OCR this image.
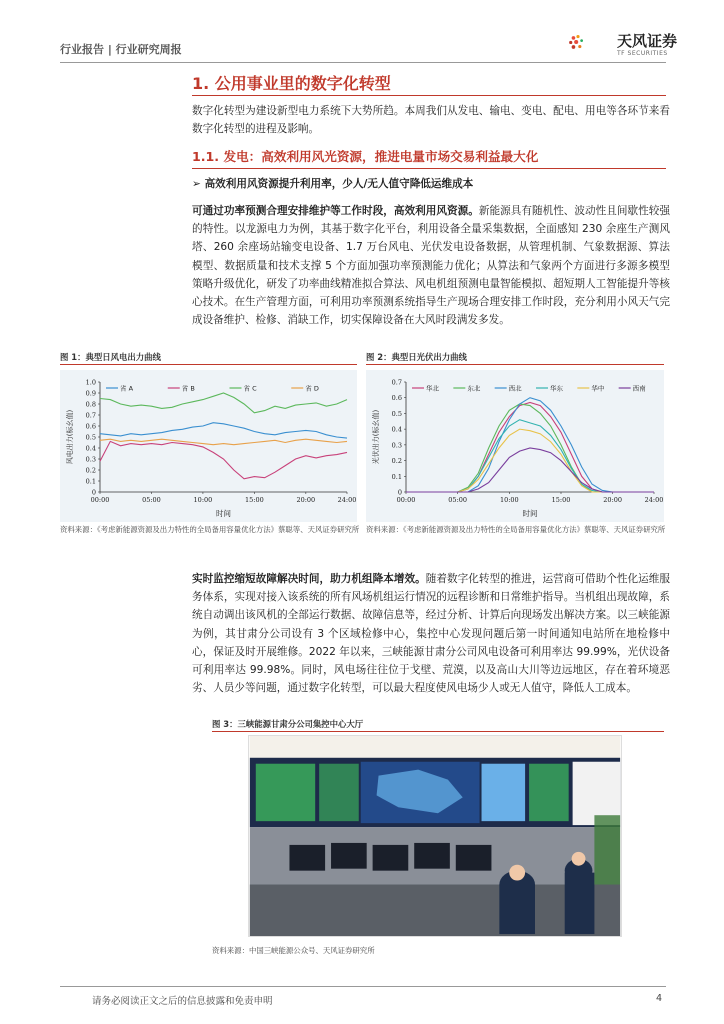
行业报告 | 行业研究周报	天风证券
TF SECURITIES
1. 公用事业里的数字化转型
数字化转型为建设新型电力系统下大势所趋。本周我们从发电、输电、变电、配电、用电等各环节来看数字化转型的进程及影响。
1.1. 发电：高效利用风光资源，推进电量市场交易利益最大化
➢ 高效利用风资源提升利用率，少人/无人值守降低运维成本
可通过功率预测合理安排维护等工作时段，高效利用风资源。新能源具有随机性、波动性且间歇性较强的特性。以龙源电力为例，其基于数字化平台，利用设备全量采集数据，全面感知 230 余座生产测风塔、260 余座场站输变电设备、1.7 万台风电、光伏发电设备数据，从管理机制、气象数据源、算法模型、数据质量和技术支撑 5 个方面加强功率预测能力优化；从算法和气象两个方面进行多源多模型策略升级优化，研发了功率曲线精准拟合算法、风电机组预测电量智能模拟、超短期人工智能提升等核心技术。在生产管理方面，可利用功率预测系统指导生产现场合理安排工作时段，充分利用小风天气完成设备维护、检修、消缺工作，切实保障设备在大风时段满发多发。
图 1：典型日风电出力曲线
0
0.1
0.2
0.3
0.4
0.5
0.6
0.7
0.8
0.9
1.0
00:00	05:00	10:00	15:00	20:00	24:00
时间
风电出力(标幺值)
省 A	省 B	省 C	省 D
资料来源：《考虑新能源资源及出力特性的全局备用容量优化方法》蔡聪等、天风证券研究所
图 2：典型日光伏出力曲线
0
0.1
0.2
0.3
0.4
0.5
0.6
0.7
00:00	05:00	10:00	15:00	20:00	24:00
时间
光伏出力(标幺值)
华北	东北	西北	华东	华中	西南
资料来源：《考虑新能源资源及出力特性的全局备用容量优化方法》蔡聪等、天风证券研究所
实时监控缩短故障解决时间，助力机组降本增效。随着数字化转型的推进，运营商可借助个性化运维服务体系，实现对接入该系统的所有风场机组运行情况的远程诊断和日常维护指导。当机组出现故障，系统自动调出该风机的全部运行数据、故障信息等，经过分析、计算后向现场发出解决方案。以三峡能源为例，其甘肃分公司设有 3 个区域检修中心，集控中心发现问题后第一时间通知电站所在地检修中心，保证及时开展维修。2022 年以来，三峡能源甘肃分公司风电设备可利用率达 99.99%，光伏设备可利用率达 99.98%。同时，风电场往往位于戈壁、荒漠，以及高山大川等边远地区，存在着环境恶劣、人员少等问题，通过数字化转型，可以最大程度使风电场少人或无人值守，降低人工成本。
图 3：三峡能源甘肃分公司集控中心大厅
资料来源：中国三峡能源公众号、天风证券研究所
请务必阅读正文之后的信息披露和免责申明	4
